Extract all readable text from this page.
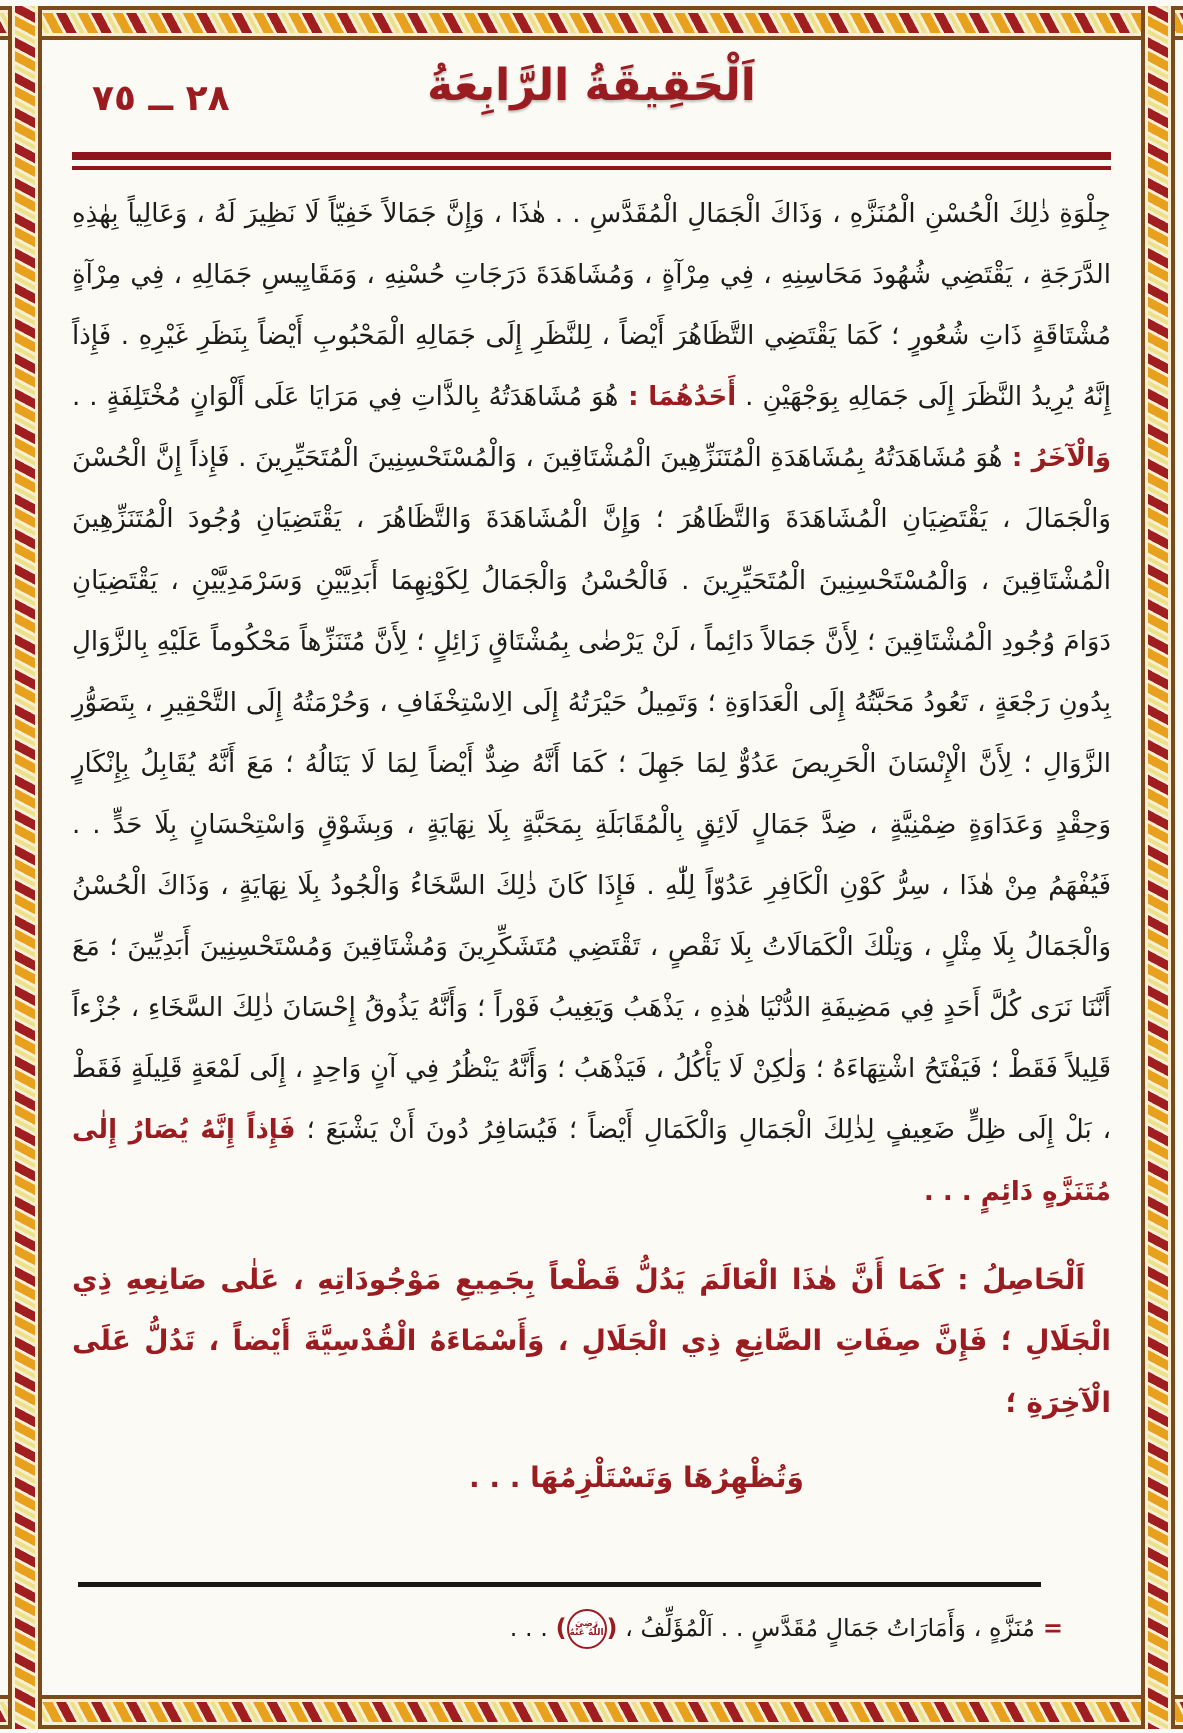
٢٨ ــ ٧٥	اَلْحَقِيقَةُ الرَّابِعَةُ

جِلْوَةِ ذٰلِكَ الْحُسْنِ الْمُنَزَّهِ ، وَذَاكَ الْجَمَالِ الْمُقَدَّسِ . . هٰذَا ، وَإِنَّ جَمَالاً خَفِيّاً لَا نَظِيرَ لَهُ ، وَعَالِياً بِهٰذِهِ الدَّرَجَةِ ، يَقْتَضِي شُهُودَ مَحَاسِنِهِ ، فِي مِرْآةٍ ، وَمُشَاهَدَةَ دَرَجَاتِ حُسْنِهِ ، وَمَقَايِيسِ جَمَالِهِ ، فِي مِرْآةٍ مُشْتَاقَةٍ ذَاتِ شُعُورٍ ؛ كَمَا يَقْتَضِي التَّظَاهُرَ أَيْضاً ، لِلنَّظَرِ إِلَى جَمَالِهِ الْمَحْبُوبِ أَيْضاً بِنَظَرِ غَيْرِهِ . فَإِذاً إِنَّهُ يُرِيدُ النَّظَرَ إِلَى جَمَالِهِ بِوَجْهَيْنِ . أَحَدُهُمَا : هُوَ مُشَاهَدَتُهُ بِالذَّاتِ فِي مَرَايَا عَلَى أَلْوَانٍ مُخْتَلِفَةٍ . . وَالْآخَرُ : هُوَ مُشَاهَدَتُهُ بِمُشَاهَدَةِ الْمُتَنَزِّهِينَ الْمُشْتَاقِينَ ، وَالْمُسْتَحْسِنِينَ الْمُتَحَيِّرِينَ . فَإِذاً إِنَّ الْحُسْنَ وَالْجَمَالَ ، يَقْتَضِيَانِ الْمُشَاهَدَةَ وَالتَّظَاهُرَ ؛ وَإِنَّ الْمُشَاهَدَةَ وَالتَّظَاهُرَ ، يَقْتَضِيَانِ وُجُودَ الْمُتَنَزِّهِينَ الْمُشْتَاقِينَ ، وَالْمُسْتَحْسِنِينَ الْمُتَحَيِّرِينَ . فَالْحُسْنُ وَالْجَمَالُ لِكَوْنِهِمَا أَبَدِيَّيْنِ وَسَرْمَدِيَّيْنِ ، يَقْتَضِيَانِ دَوَامَ وُجُودِ الْمُشْتَاقِينَ ؛ لِأَنَّ جَمَالاً دَائِماً ، لَنْ يَرْضٰى بِمُشْتَاقٍ زَائِلٍ ؛ لِأَنَّ مُتَنَزِّهاً مَحْكُوماً عَلَيْهِ بِالزَّوَالِ بِدُونِ رَجْعَةٍ ، تَعُودُ مَحَبَّتُهُ إِلَى الْعَدَاوَةِ ؛ وَتَمِيلُ حَيْرَتُهُ إِلَى الِاسْتِخْفَافِ ، وَحُرْمَتُهُ إِلَى التَّحْقِيرِ ، بِتَصَوُّرِ الزَّوَالِ ؛ لِأَنَّ الْإِنْسَانَ الْحَرِيصَ عَدُوٌّ لِمَا جَهِلَ ؛ كَمَا أَنَّهُ ضِدٌّ أَيْضاً لِمَا لَا يَنَالُهُ ؛ مَعَ أَنَّهُ يُقَابِلُ بِإِنْكَارٍ وَحِقْدٍ وَعَدَاوَةٍ ضِمْنِيَّةٍ ، ضِدَّ جَمَالٍ لَائِقٍ بِالْمُقَابَلَةِ بِمَحَبَّةٍ بِلَا نِهَايَةٍ ، وَبِشَوْقٍ وَاسْتِحْسَانٍ بِلَا حَدٍّ . . فَيُفْهَمُ مِنْ هٰذَا ، سِرُّ كَوْنِ الْكَافِرِ عَدُوّاً لِلّٰهِ . فَإِذَا كَانَ ذٰلِكَ السَّخَاءُ وَالْجُودُ بِلَا نِهَايَةٍ ، وَذَاكَ الْحُسْنُ وَالْجَمَالُ بِلَا مِثْلٍ ، وَتِلْكَ الْكَمَالَاتُ بِلَا نَقْصٍ ، تَقْتَضِي مُتَشَكِّرِينَ وَمُشْتَاقِينَ وَمُسْتَحْسِنِينَ أَبَدِيِّينَ ؛ مَعَ أَنَّنَا نَرَى كُلَّ أَحَدٍ فِي مَضِيفَةِ الدُّنْيَا هٰذِهِ ، يَذْهَبُ وَيَغِيبُ فَوْراً ؛ وَأَنَّهُ يَذُوقُ إِحْسَانَ ذٰلِكَ السَّخَاءِ ، جُزْءاً قَلِيلاً فَقَطْ ؛ فَيَفْتَحُ اشْتِهَاءَهُ ؛ وَلٰكِنْ لَا يَأْكُلُ ، فَيَذْهَبُ ؛ وَأَنَّهُ يَنْظُرُ فِي آنٍ وَاحِدٍ ، إِلَى لَمْعَةٍ قَلِيلَةٍ فَقَطْ ، بَلْ إِلَى ظِلٍّ ضَعِيفٍ لِذٰلِكَ الْجَمَالِ وَالْكَمَالِ أَيْضاً ؛ فَيُسَافِرُ دُونَ أَنْ يَشْبَعَ ؛ فَإِذاً إِنَّهُ يُصَارُ إِلٰى مُتَنَزَّهٍ دَائِمٍ . . .

اَلْحَاصِلُ : كَمَا أَنَّ هٰذَا الْعَالَمَ يَدُلُّ قَطْعاً بِجَمِيعِ مَوْجُودَاتِهِ ، عَلٰى صَانِعِهِ ذِي الْجَلَالِ ؛ فَإِنَّ صِفَاتِ الصَّانِعِ ذِي الْجَلَالِ ، وَأَسْمَاءَهُ الْقُدْسِيَّةَ أَيْضاً ، تَدُلُّ عَلَى الْآخِرَةِ ؛

وَتُظْهِرُهَا وَتَسْتَلْزِمُهَا . . .

=مُنَزَّهٍ ، وَأَمَارَاتُ جَمَالٍ مُقَدَّسٍ . . اَلْمُؤَلِّفُ ، (رَضِيَ اللّٰهُ عَنْهُ) . . .
